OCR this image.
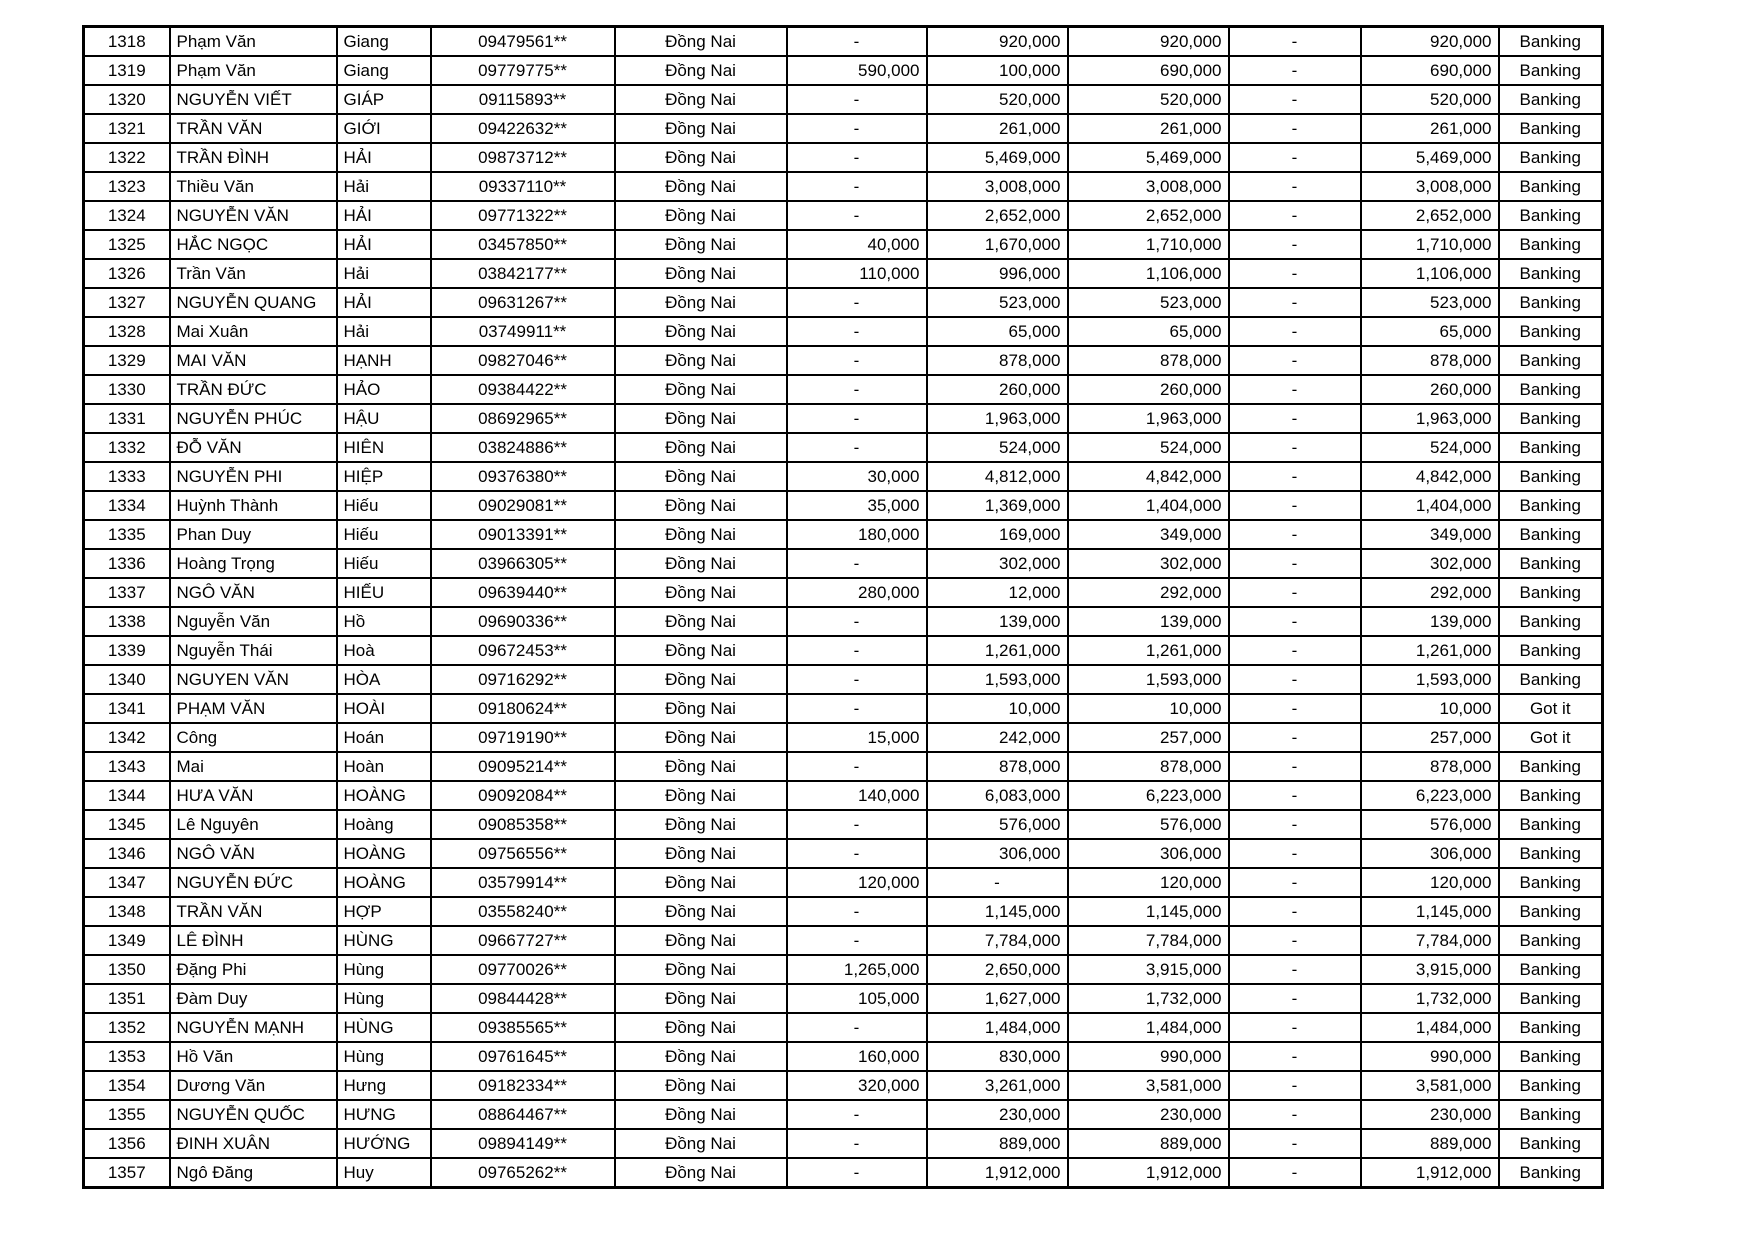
1318	Phạm Văn	Giang	09479561**	Đồng Nai	-	920,000	920,000	-	920,000	Banking
1319	Phạm Văn	Giang	09779775**	Đồng Nai	590,000	100,000	690,000	-	690,000	Banking
1320	NGUYỄN VIẾT	GIÁP	09115893**	Đồng Nai	-	520,000	520,000	-	520,000	Banking
1321	TRẦN VĂN	GIỚI	09422632**	Đồng Nai	-	261,000	261,000	-	261,000	Banking
1322	TRẦN ĐÌNH	HẢI	09873712**	Đồng Nai	-	5,469,000	5,469,000	-	5,469,000	Banking
1323	Thiều Văn	Hải	09337110**	Đồng Nai	-	3,008,000	3,008,000	-	3,008,000	Banking
1324	NGUYỄN VĂN	HẢI	09771322**	Đồng Nai	-	2,652,000	2,652,000	-	2,652,000	Banking
1325	HẮC NGỌC	HẢI	03457850**	Đồng Nai	40,000	1,670,000	1,710,000	-	1,710,000	Banking
1326	Trần Văn	Hải	03842177**	Đồng Nai	110,000	996,000	1,106,000	-	1,106,000	Banking
1327	NGUYỄN QUANG	HẢI	09631267**	Đồng Nai	-	523,000	523,000	-	523,000	Banking
1328	Mai Xuân	Hải	03749911**	Đồng Nai	-	65,000	65,000	-	65,000	Banking
1329	MAI VĂN	HẠNH	09827046**	Đồng Nai	-	878,000	878,000	-	878,000	Banking
1330	TRẦN ĐỨC	HẢO	09384422**	Đồng Nai	-	260,000	260,000	-	260,000	Banking
1331	NGUYỄN PHÚC	HẬU	08692965**	Đồng Nai	-	1,963,000	1,963,000	-	1,963,000	Banking
1332	ĐỖ VĂN	HIÊN	03824886**	Đồng Nai	-	524,000	524,000	-	524,000	Banking
1333	NGUYỄN PHI	HIỆP	09376380**	Đồng Nai	30,000	4,812,000	4,842,000	-	4,842,000	Banking
1334	Huỳnh Thành	Hiếu	09029081**	Đồng Nai	35,000	1,369,000	1,404,000	-	1,404,000	Banking
1335	Phan Duy	Hiếu	09013391**	Đồng Nai	180,000	169,000	349,000	-	349,000	Banking
1336	Hoàng Trọng	Hiếu	03966305**	Đồng Nai	-	302,000	302,000	-	302,000	Banking
1337	NGÔ VĂN	HIẾU	09639440**	Đồng Nai	280,000	12,000	292,000	-	292,000	Banking
1338	Nguyễn Văn	Hồ	09690336**	Đồng Nai	-	139,000	139,000	-	139,000	Banking
1339	Nguyễn Thái	Hoà	09672453**	Đồng Nai	-	1,261,000	1,261,000	-	1,261,000	Banking
1340	NGUYEN VĂN	HÒA	09716292**	Đồng Nai	-	1,593,000	1,593,000	-	1,593,000	Banking
1341	PHẠM VĂN	HOÀI	09180624**	Đồng Nai	-	10,000	10,000	-	10,000	Got it
1342	Công	Hoán	09719190**	Đồng Nai	15,000	242,000	257,000	-	257,000	Got it
1343	Mai	Hoàn	09095214**	Đồng Nai	-	878,000	878,000	-	878,000	Banking
1344	HƯA VĂN	HOÀNG	09092084**	Đồng Nai	140,000	6,083,000	6,223,000	-	6,223,000	Banking
1345	Lê Nguyên	Hoàng	09085358**	Đồng Nai	-	576,000	576,000	-	576,000	Banking
1346	NGÔ VĂN	HOÀNG	09756556**	Đồng Nai	-	306,000	306,000	-	306,000	Banking
1347	NGUYỄN ĐỨC	HOÀNG	03579914**	Đồng Nai	120,000	-	120,000	-	120,000	Banking
1348	TRẦN VĂN	HỢP	03558240**	Đồng Nai	-	1,145,000	1,145,000	-	1,145,000	Banking
1349	LÊ ĐÌNH	HÙNG	09667727**	Đồng Nai	-	7,784,000	7,784,000	-	7,784,000	Banking
1350	Đặng Phi	Hùng	09770026**	Đồng Nai	1,265,000	2,650,000	3,915,000	-	3,915,000	Banking
1351	Đàm Duy	Hùng	09844428**	Đồng Nai	105,000	1,627,000	1,732,000	-	1,732,000	Banking
1352	NGUYỄN MẠNH	HÙNG	09385565**	Đồng Nai	-	1,484,000	1,484,000	-	1,484,000	Banking
1353	Hồ Văn	Hùng	09761645**	Đồng Nai	160,000	830,000	990,000	-	990,000	Banking
1354	Dương Văn	Hưng	09182334**	Đồng Nai	320,000	3,261,000	3,581,000	-	3,581,000	Banking
1355	NGUYỄN QUỐC	HƯNG	08864467**	Đồng Nai	-	230,000	230,000	-	230,000	Banking
1356	ĐINH XUÂN	HƯỚNG	09894149**	Đồng Nai	-	889,000	889,000	-	889,000	Banking
1357	Ngô Đăng	Huy	09765262**	Đồng Nai	-	1,912,000	1,912,000	-	1,912,000	Banking
